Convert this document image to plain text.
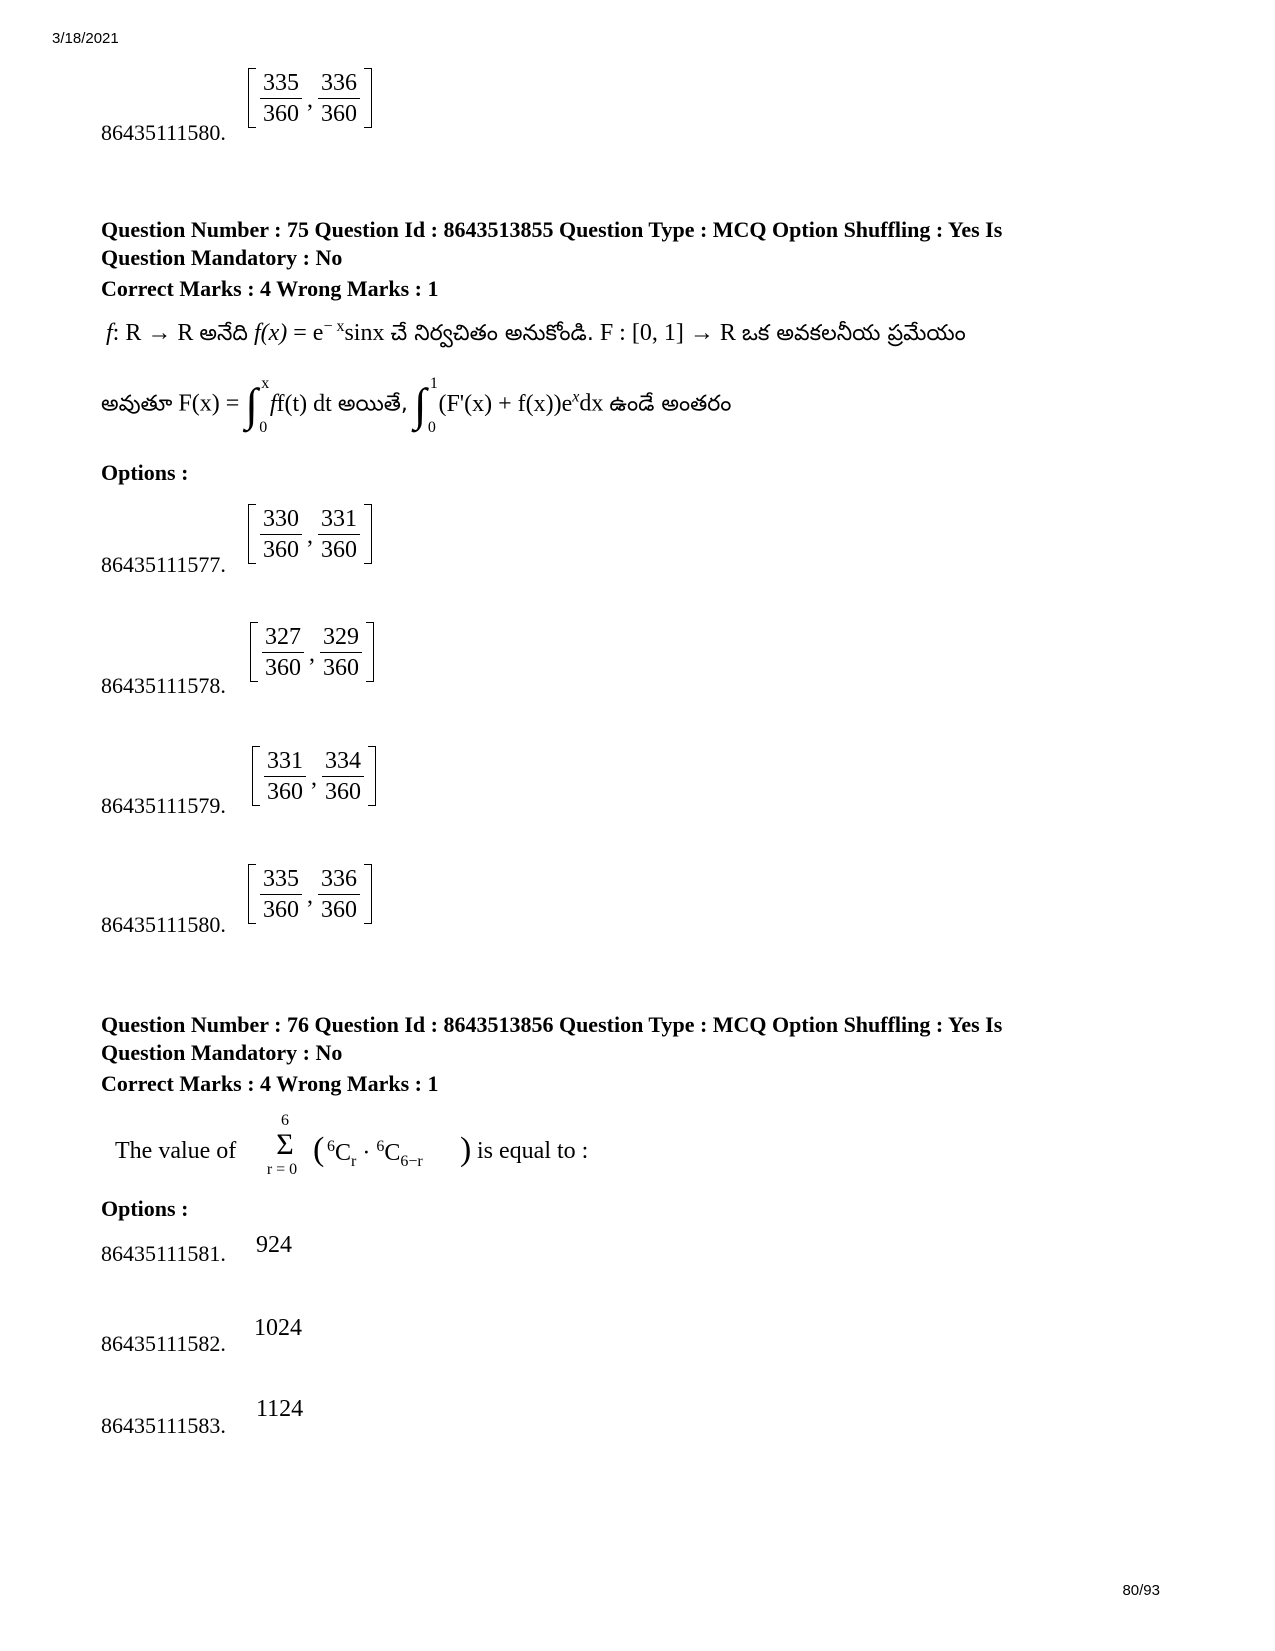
3/18/2021
80/93
86435111580.
$\frac{335}{360}$ , $\frac{336}{360}$
Question Number : 75 Question Id : 8643513855 Question Type : MCQ Option Shuffling : Yes Is
Question Mandatory : No
Correct Marks : 4 Wrong Marks : 1
f: R → R అనేది $f(x) = e^{- x}\sin x$ చే నిర్వచితం అనుకోండి. F : [0, 1] → R ఒక అవకలనీయ ప్రమేయం
అవుతూ F(x) = ∫ x
0
ff(t) dt అయితే, ∫ 1
0
$(F'(x) + f(x))e^xdx$ ఉండే అంతరం
Options :
86435111577.
$\frac{330}{360}$ , $\frac{331}{360}$
86435111578.
$\frac{327}{360}$ , $\frac{329}{360}$
86435111579. $\frac{331}{360}$ , $\frac{334}{360}$
86435111580.
$\frac{335}{360}$ , $\frac{336}{360}$
Question Number : 76 Question Id : 8643513856 Question Type : MCQ Option Shuffling : Yes Is
Question Mandatory : No
Correct Marks : 4 Wrong Marks : 1
The value of
6
Σ
r = 0
( $^6C_r \cdot ^6C_{6-r}$ ) is equal to :
Options :
86435111581. 924
86435111582.
1024
86435111583.
1124
